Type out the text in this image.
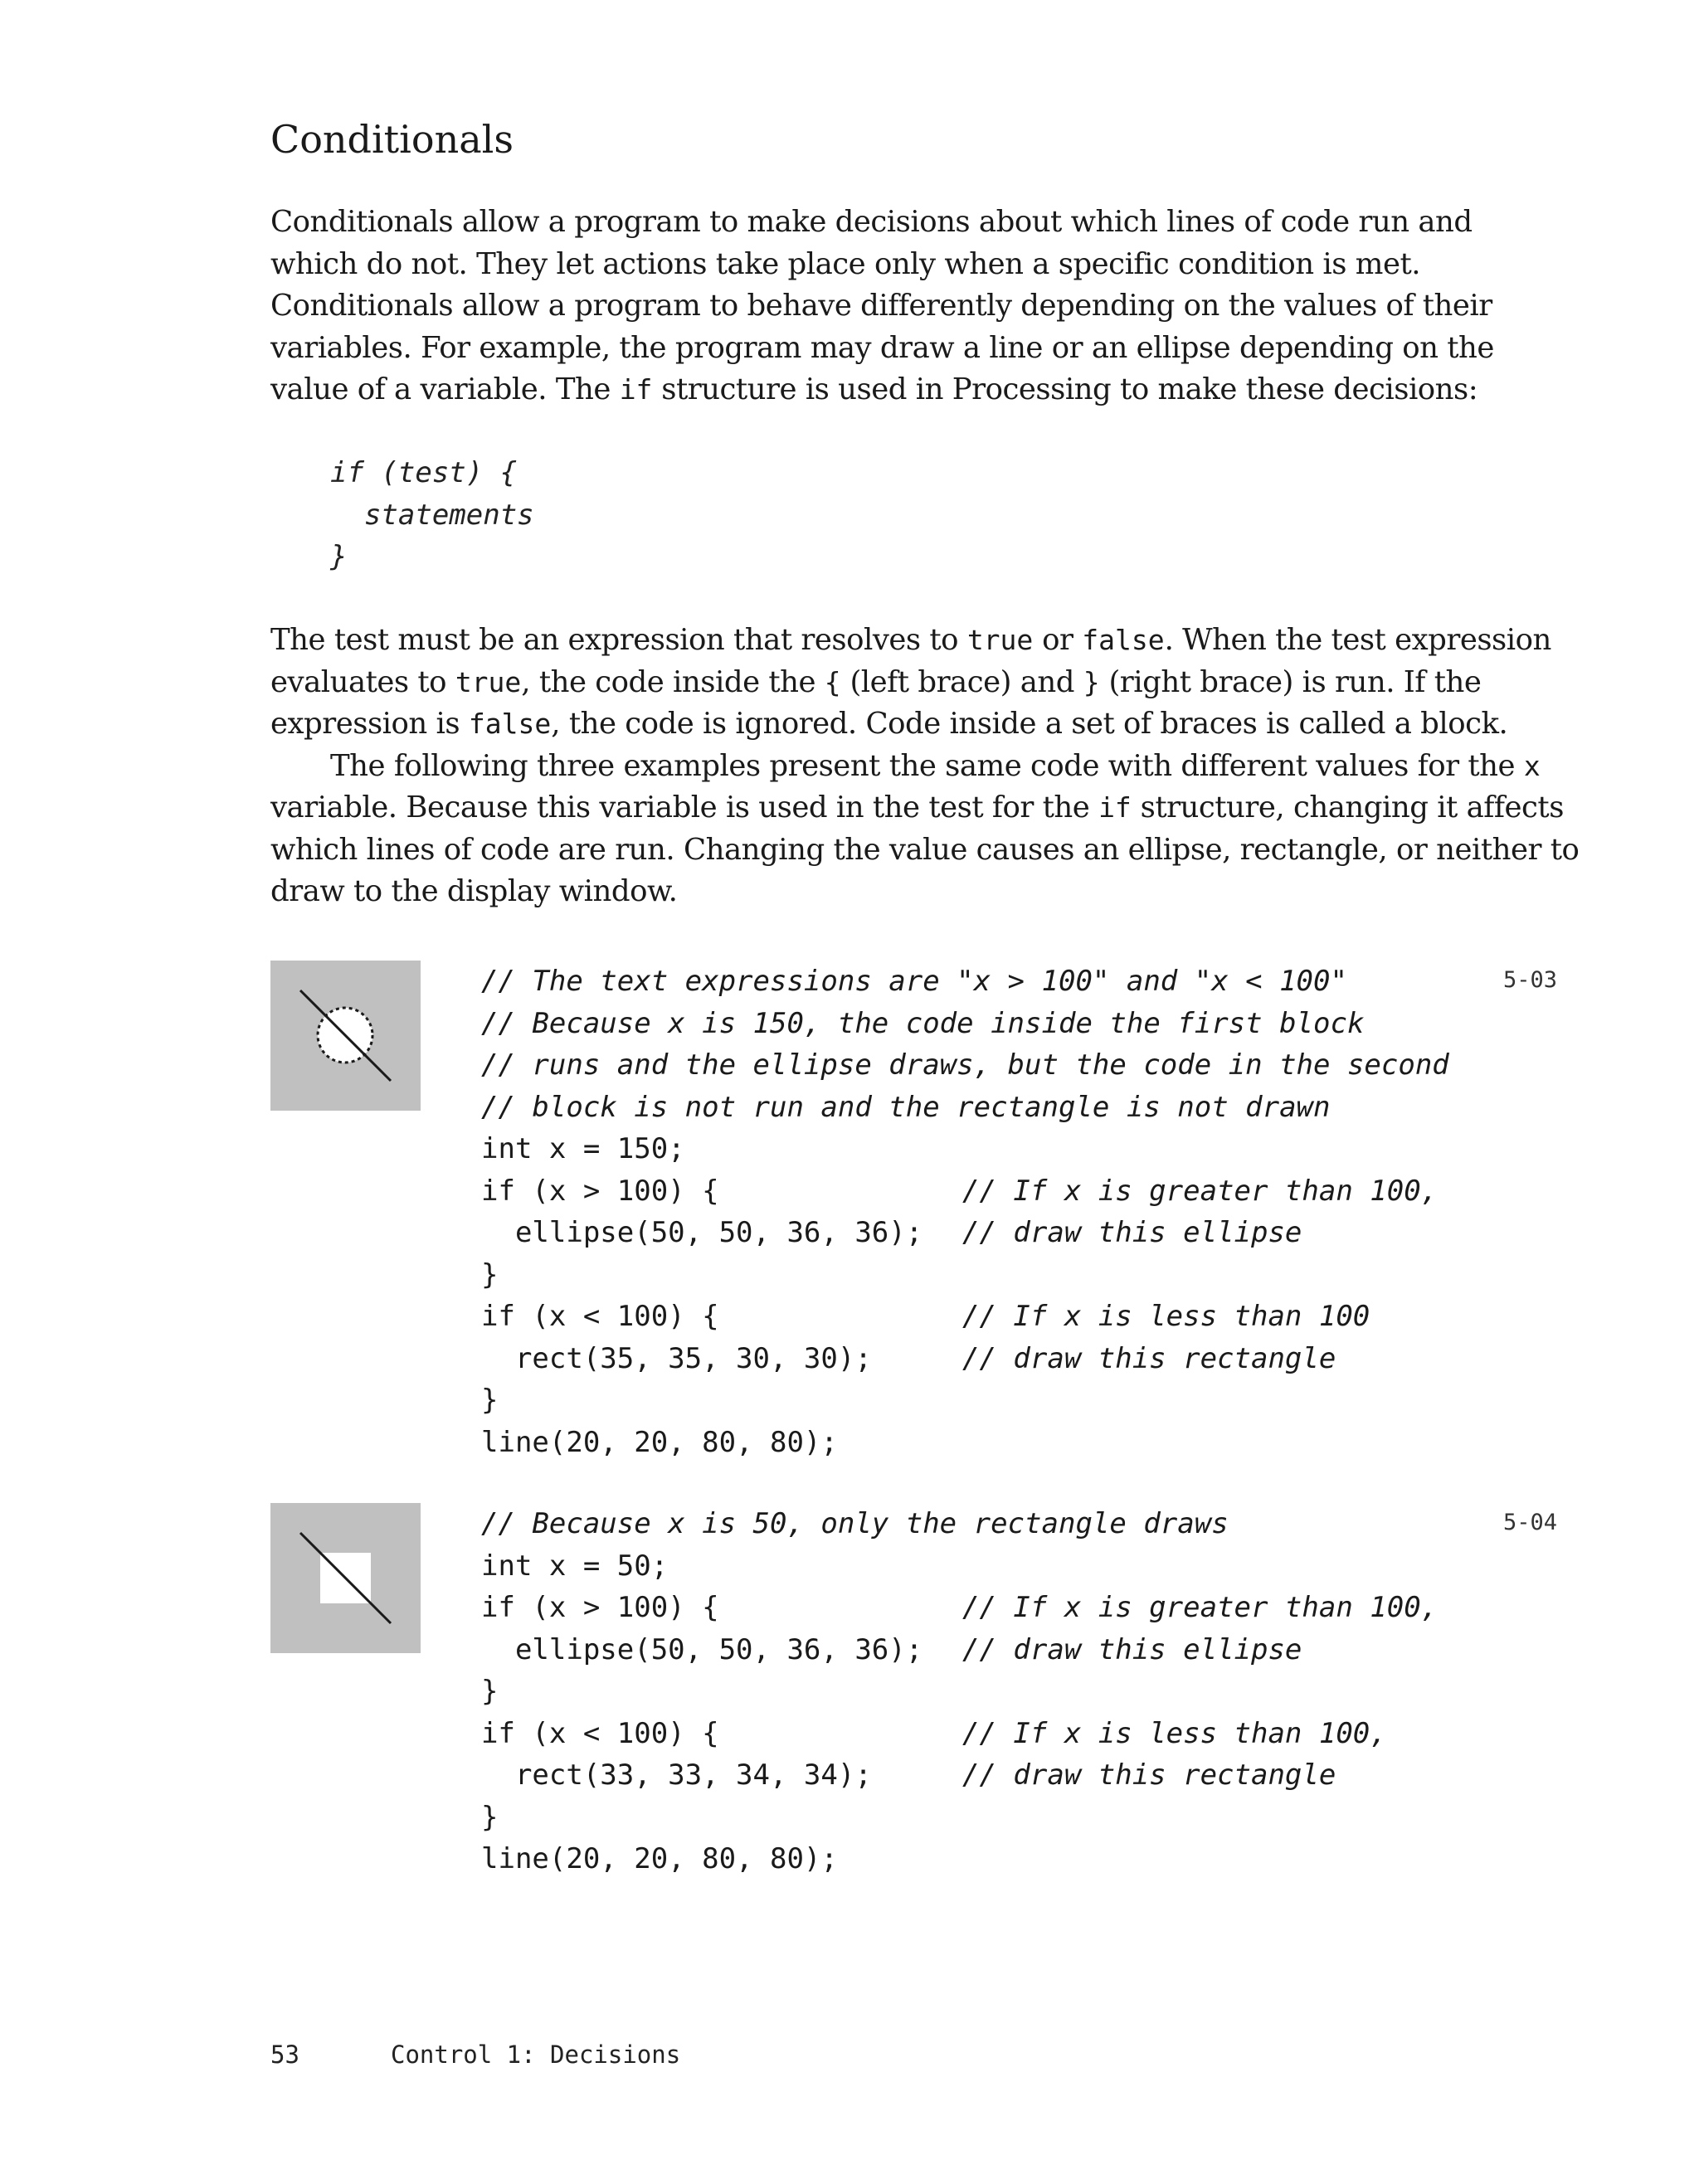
Conditionals

Conditionals allow a program to make decisions about which lines of code run and

which do not. They let actions take place only when a specific condition is met.

Conditionals allow a program to behave differently depending on the values of their

variables. For example, the program may draw a line or an ellipse depending on the

value of a variable. The if structure is used in Processing to make these decisions:

if (test) {
statements
}

The test must be an expression that resolves to true or false. When the test expression

evaluates to true, the code inside the { (left brace) and } (right brace) is run. If the

expression is false, the code is ignored. Code inside a set of braces is called a block.

The following three examples present the same code with different values for the x

variable. Because this variable is used in the test for the if structure, changing it affects

which lines of code are run. Changing the value causes an ellipse, rectangle, or neither to

draw to the display window.

// The text expressions are "x > 100" and "x < 100"
// Because x is 150, the code inside the first block
// runs and the ellipse draws, but the code in the second
// block is not run and the rectangle is not drawn
int x = 150;
if (x > 100) {	// If x is greater than 100,
ellipse(50, 50, 36, 36); // draw this ellipse
}
if (x < 100) {	// If x is less than 100
rect(35, 35, 30, 30);	// draw this rectangle
}
line(20, 20, 80, 80);
5-03
// Because x is 50, only the rectangle draws
int x = 50;
if (x > 100) {	// If x is greater than 100,
ellipse(50, 50, 36, 36); // draw this ellipse
}
if (x < 100) {	// If x is less than 100,
rect(33, 33, 34, 34);	// draw this rectangle
}
line(20, 20, 80, 80);
5-04
53	Control 1: Decisions
